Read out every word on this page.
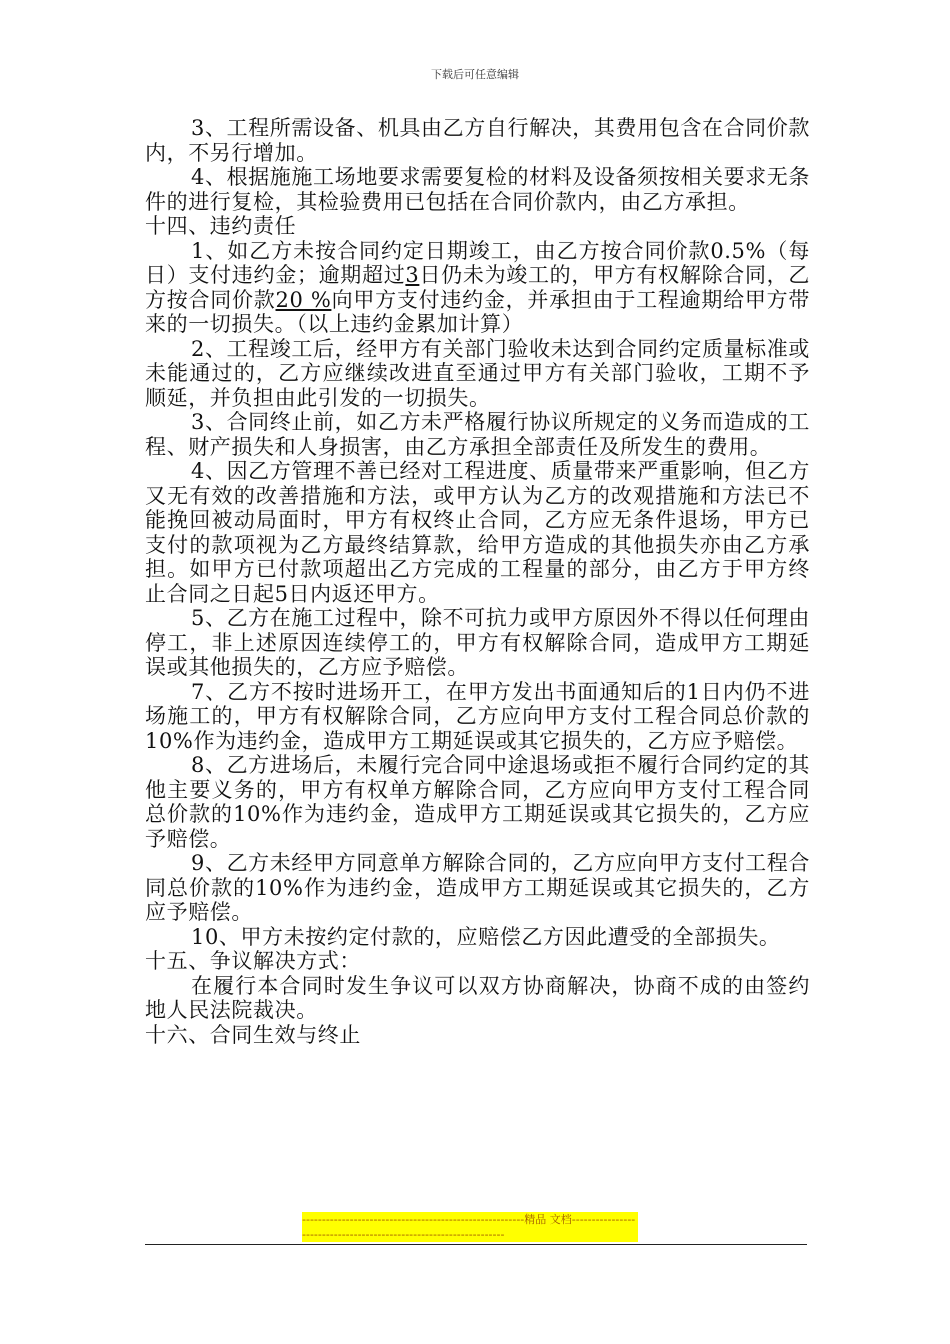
下载后可任意编辑

3、工程所需设备、机具由乙方自行解决，其费用包含在合同价款内，不另行增加。

4、根据施施工场地要求需要复检的材料及设备须按相关要求无条件的进行复检，其检验费用已包括在合同价款内，由乙方承担。

十四、违约责任

1、如乙方未按合同约定日期竣工，由乙方按合同价款0.5%（每日）支付违约金；逾期超过3日仍未为竣工的，甲方有权解除合同，乙方按合同价款20 %向甲方支付违约金，并承担由于工程逾期给甲方带来的一切损失。（以上违约金累加计算）

2、工程竣工后，经甲方有关部门验收未达到合同约定质量标准或未能通过的，乙方应继续改进直至通过甲方有关部门验收，工期不予顺延，并负担由此引发的一切损失。

3、合同终止前，如乙方未严格履行协议所规定的义务而造成的工程、财产损失和人身损害，由乙方承担全部责任及所发生的费用。

4、因乙方管理不善已经对工程进度、质量带来严重影响，但乙方又无有效的改善措施和方法，或甲方认为乙方的改观措施和方法已不能挽回被动局面时，甲方有权终止合同，乙方应无条件退场，甲方已支付的款项视为乙方最终结算款，给甲方造成的其他损失亦由乙方承担。如甲方已付款项超出乙方完成的工程量的部分，由乙方于甲方终止合同之日起5日内返还甲方。

5、乙方在施工过程中，除不可抗力或甲方原因外不得以任何理由停工，非上述原因连续停工的，甲方有权解除合同，造成甲方工期延误或其他损失的，乙方应予赔偿。

7、乙方不按时进场开工，在甲方发出书面通知后的1日内仍不进场施工的，甲方有权解除合同，乙方应向甲方支付工程合同总价款的10%作为违约金，造成甲方工期延误或其它损失的，乙方应予赔偿。

8、乙方进场后，未履行完合同中途退场或拒不履行合同约定的其他主要义务的，甲方有权单方解除合同，乙方应向甲方支付工程合同总价款的10%作为违约金，造成甲方工期延误或其它损失的，乙方应予赔偿。

9、乙方未经甲方同意单方解除合同的，乙方应向甲方支付工程合同总价款的10%作为违约金，造成甲方工期延误或其它损失的，乙方应予赔偿。

10、甲方未按约定付款的，应赔偿乙方因此遭受的全部损失。

十五、争议解决方式：

在履行本合同时发生争议可以双方协商解决，协商不成的由签约地人民法院裁决。

十六、合同生效与终止

--------------------------------------------------------精品 文档-------------------------------------------------------------------
